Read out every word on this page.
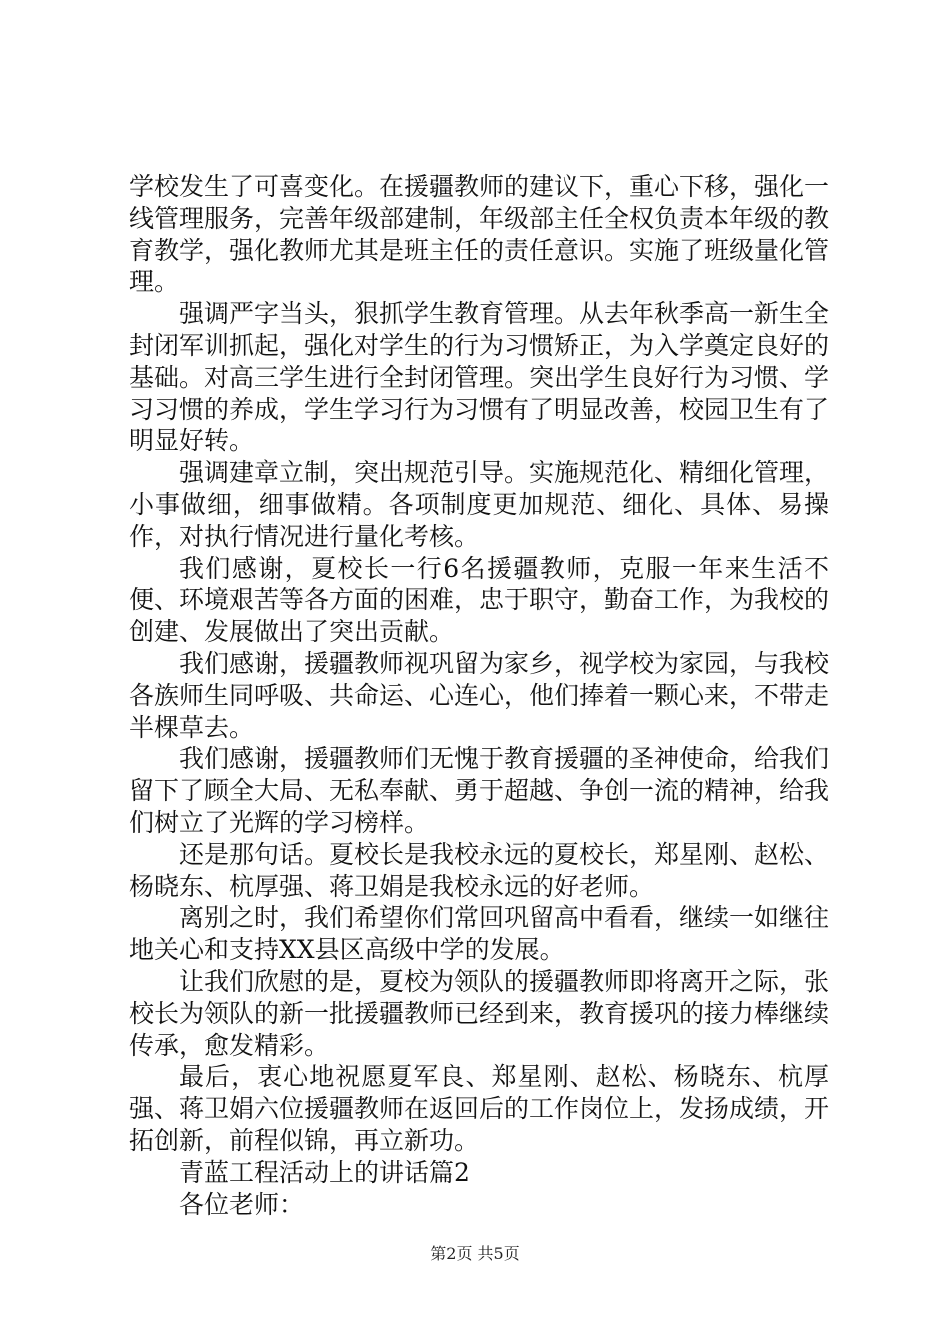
学校发生了可喜变化。在援疆教师的建议下，重心下移，强化一线管理服务，完善年级部建制，年级部主任全权负责本年级的教育教学，强化教师尤其是班主任的责任意识。实施了班级量化管理。

强调严字当头，狠抓学生教育管理。从去年秋季高一新生全封闭军训抓起，强化对学生的行为习惯矫正，为入学奠定良好的基础。对高三学生进行全封闭管理。突出学生良好行为习惯、学习习惯的养成，学生学习行为习惯有了明显改善，校园卫生有了明显好转。

强调建章立制，突出规范引导。实施规范化、精细化管理，小事做细，细事做精。各项制度更加规范、细化、具体、易操作，对执行情况进行量化考核。

我们感谢，夏校长一行6名援疆教师，克服一年来生活不便、环境艰苦等各方面的困难，忠于职守，勤奋工作，为我校的创建、发展做出了突出贡献。

我们感谢，援疆教师视巩留为家乡，视学校为家园，与我校各族师生同呼吸、共命运、心连心，他们捧着一颗心来，不带走半棵草去。

我们感谢，援疆教师们无愧于教育援疆的圣神使命，给我们留下了顾全大局、无私奉献、勇于超越、争创一流的精神，给我们树立了光辉的学习榜样。

还是那句话。夏校长是我校永远的夏校长，郑星刚、赵松、杨晓东、杭厚强、蒋卫娟是我校永远的好老师。

离别之时，我们希望你们常回巩留高中看看，继续一如继往地关心和支持XX县区高级中学的发展。

让我们欣慰的是，夏校为领队的援疆教师即将离开之际，张校长为领队的新一批援疆教师已经到来，教育援巩的接力棒继续传承，愈发精彩。

最后，衷心地祝愿夏军良、郑星刚、赵松、杨晓东、杭厚强、蒋卫娟六位援疆教师在返回后的工作岗位上，发扬成绩，开拓创新，前程似锦，再立新功。

青蓝工程活动上的讲话篇2

各位老师：

第2页 共5页
